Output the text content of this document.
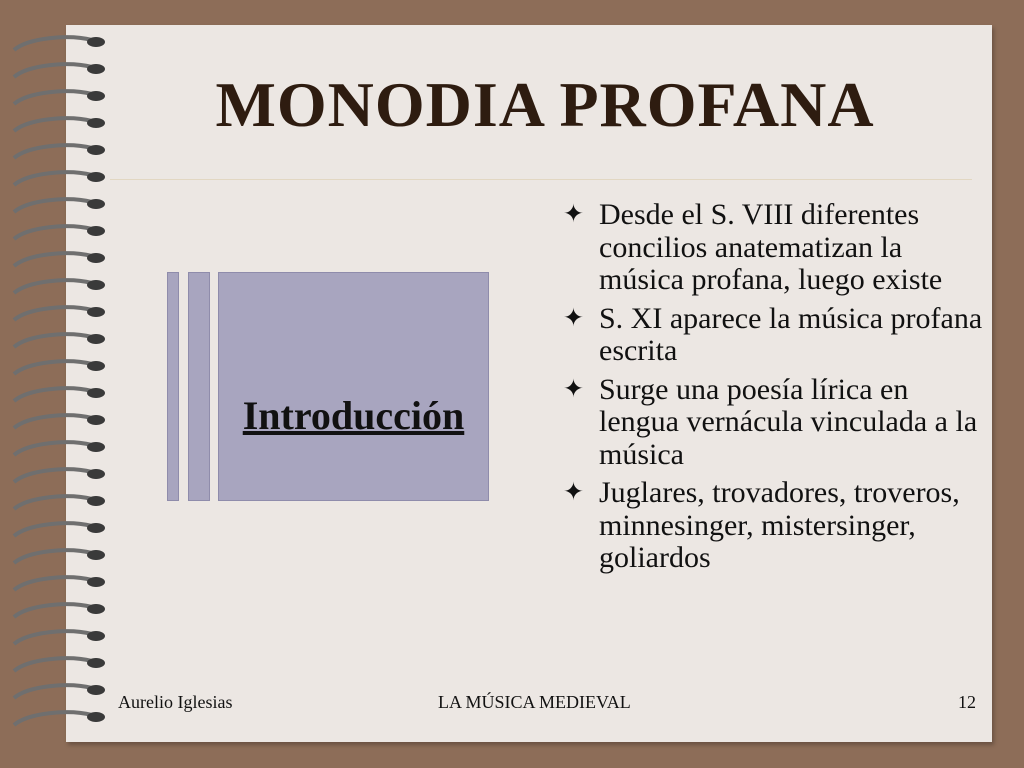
MONODIA PROFANA
Introducción
✦ Desde el S. VIII diferentes concilios anatematizan la música profana, luego existe
✦ S. XI aparece la música profana escrita
✦ Surge una poesía lírica en lengua vernácula vinculada a la música
✦ Juglares, trovadores, troveros, minnesinger, mistersinger, goliardos
Aurelio Iglesias	LA MÚSICA MEDIEVAL	12
